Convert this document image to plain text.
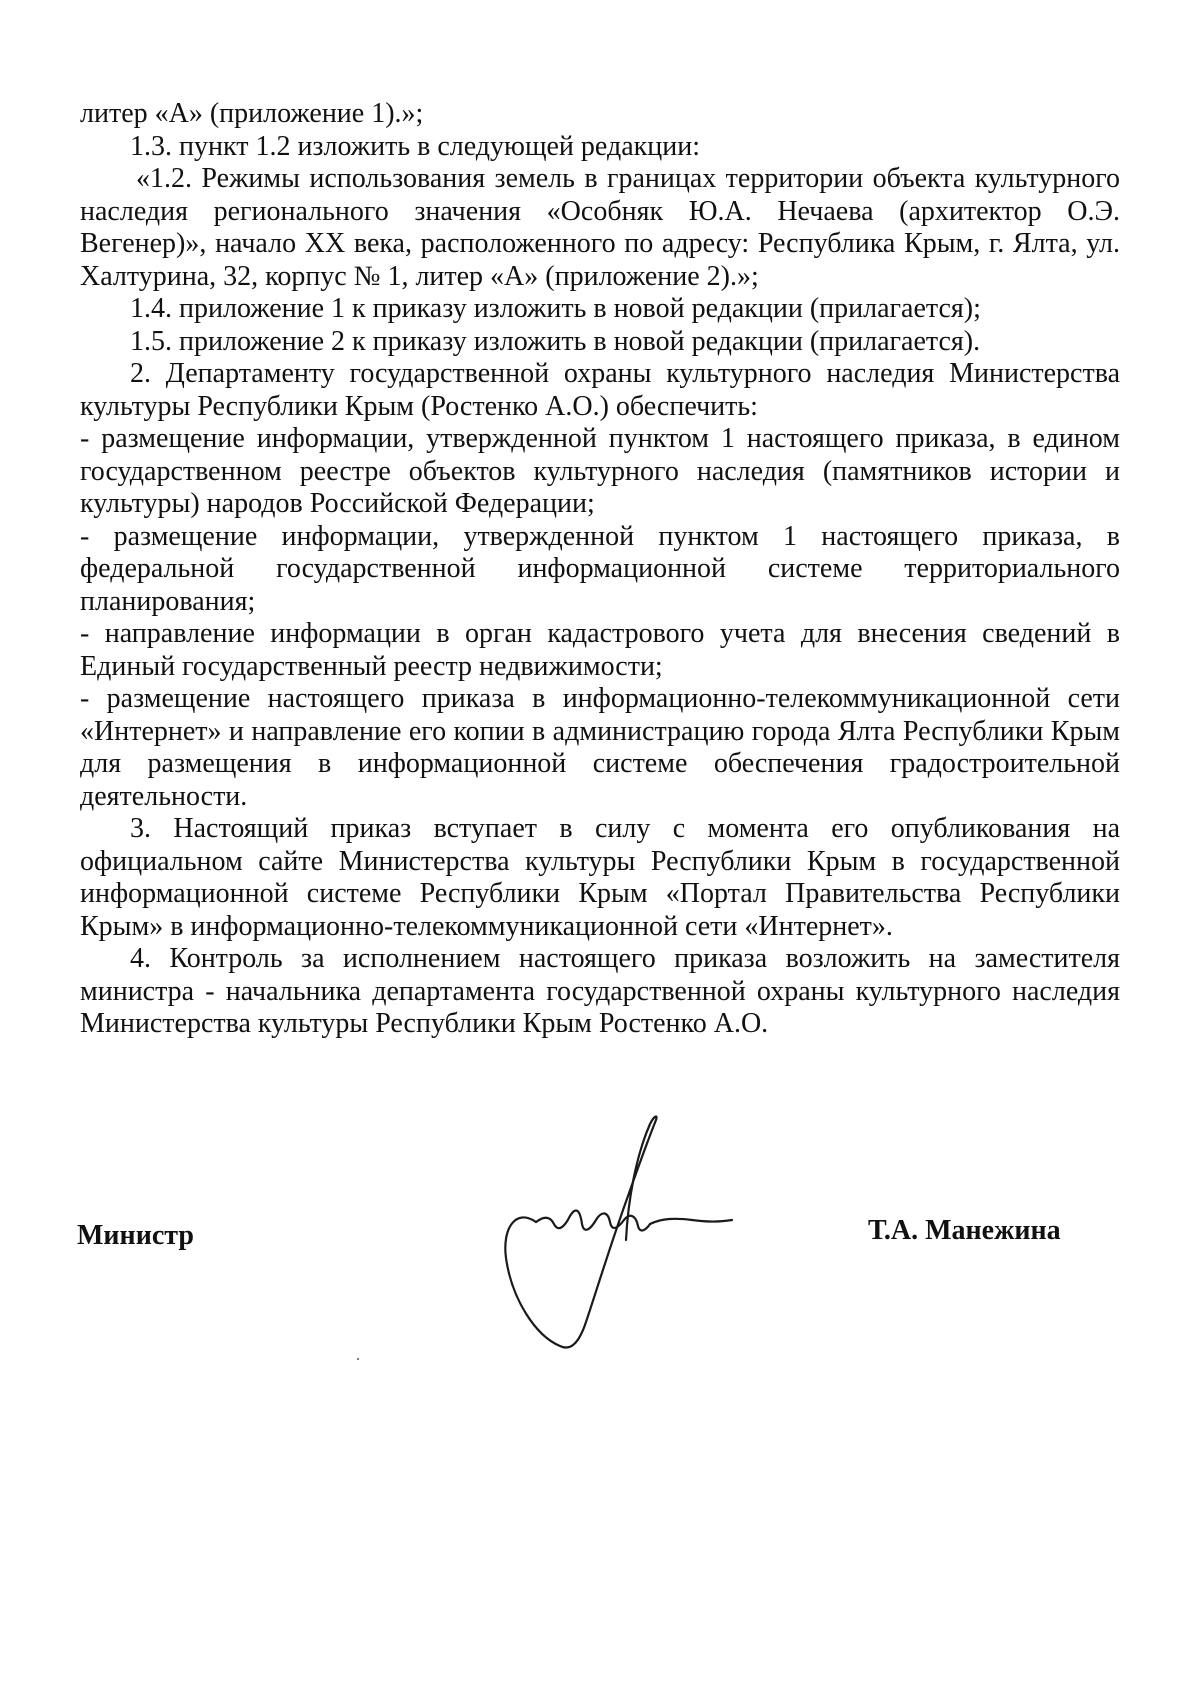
литер «А» (приложение 1).»;

1.3. пункт 1.2 изложить в следующей редакции:

«1.2. Режимы использования земель в границах территории объекта культурного наследия регионального значения «Особняк Ю.А. Нечаева (архитектор О.Э. Вегенер)», начало XX века, расположенного по адресу: Республика Крым, г. Ялта, ул. Халтурина, 32, корпус № 1, литер «А» (приложение 2).»;

1.4. приложение 1 к приказу изложить в новой редакции (прилагается);

1.5. приложение 2 к приказу изложить в новой редакции (прилагается).

2. Департаменту государственной охраны культурного наследия Министерства культуры Республики Крым (Ростенко А.О.) обеспечить:

- размещение информации, утвержденной пунктом 1 настоящего приказа, в едином государственном реестре объектов культурного наследия (памятников истории и культуры) народов Российской Федерации;

- размещение информации, утвержденной пунктом 1 настоящего приказа, в федеральной государственной информационной системе территориального планирования;

- направление информации в орган кадастрового учета для внесения сведений в Единый государственный реестр недвижимости;

- размещение настоящего приказа в информационно-телекоммуникационной сети «Интернет» и направление его копии в администрацию города Ялта Республики Крым для размещения в информационной системе обеспечения градостроительной деятельности.

3. Настоящий приказ вступает в силу с момента его опубликования на официальном сайте Министерства культуры Республики Крым в государственной информационной системе Республики Крым «Портал Правительства Республики Крым» в информационно-телекоммуникационной сети «Интернет».

4. Контроль за исполнением настоящего приказа возложить на заместителя министра - начальника департамента государственной охраны культурного наследия Министерства культуры Республики Крым Ростенко А.О.

Министр	Т.А. Манежина
